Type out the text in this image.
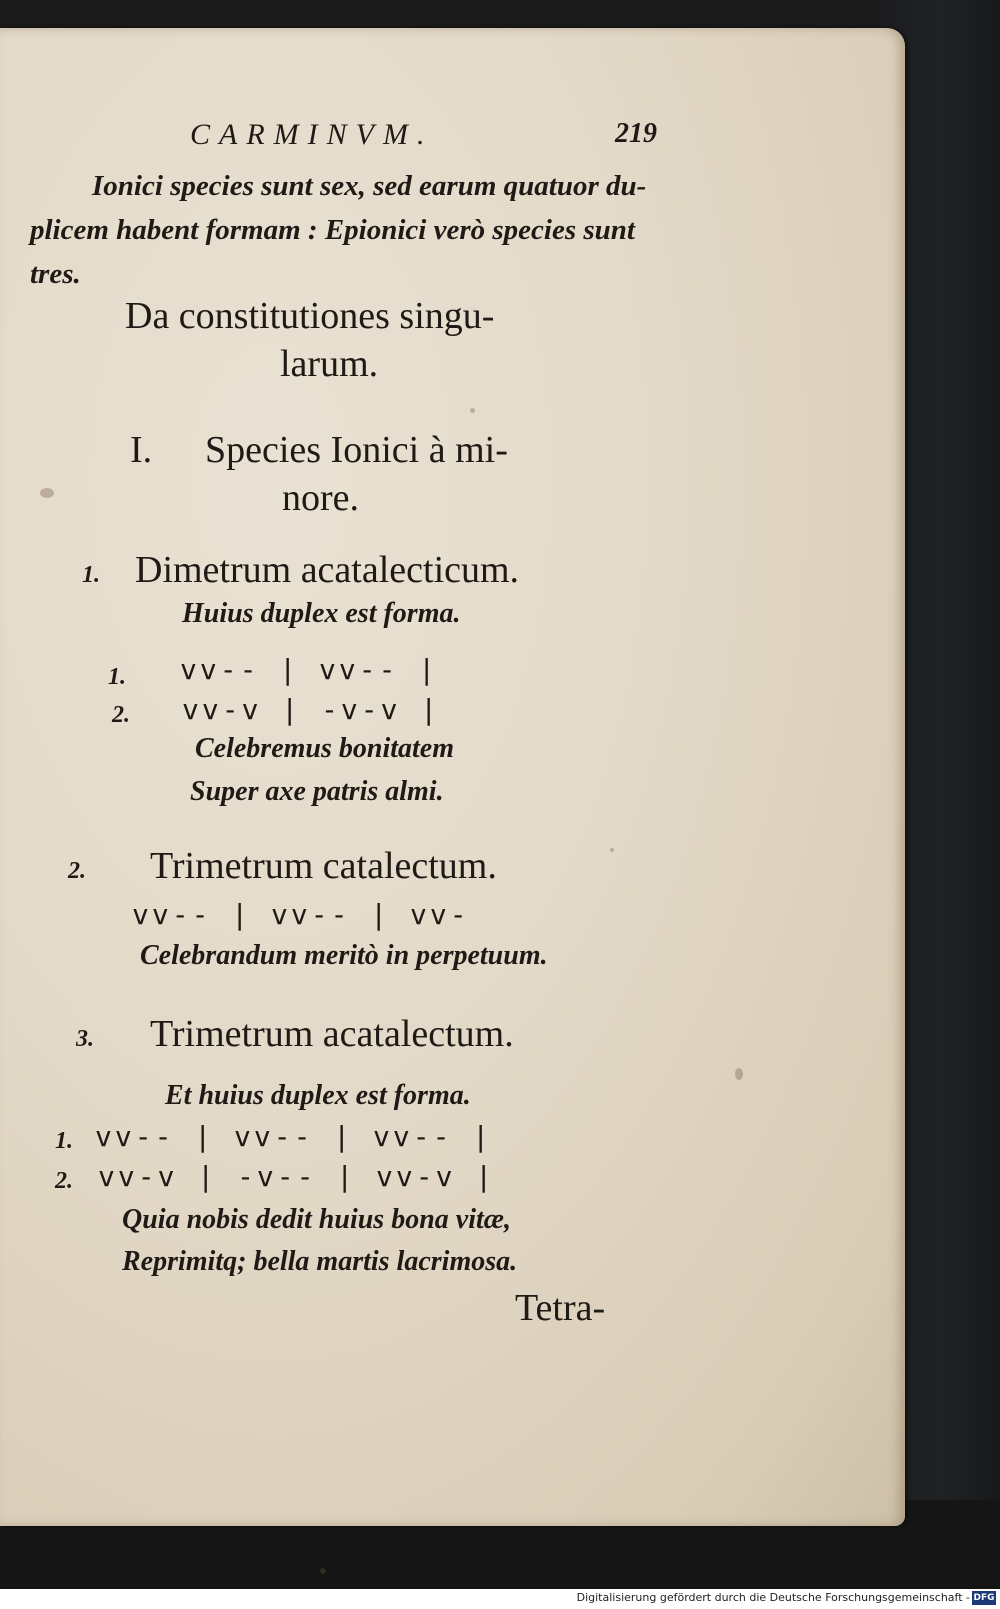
CARMINVM.	219
Ionici species sunt sex, sed earum quatuor du-
plicem habent formam : Epionici verò species sunt
tres.
Da constitutiones singu-
larum.
I. Species Ionici à mi-
nore.
1. Dimetrum acatalecticum.
Huius duplex est forma.
1. vv-- | vv-- |
2. vv-v | -v-v |
Celebremus bonitatem
Super axe patris almi.
2. Trimetrum catalectum.
vv-- | vv-- | vv-
Celebrandum meritò in perpetuum.
3. Trimetrum acatalectum.
Et huius duplex est forma.
1. vv-- | vv-- | vv-- |
2. vv-v | -v-- | vv-v |
Quia nobis dedit huius bona vitæ,
Reprimitq; bella martis lacrimosa.
Tetra-
Digitalisierung gefördert durch die Deutsche Forschungsgemeinschaft - DFG
